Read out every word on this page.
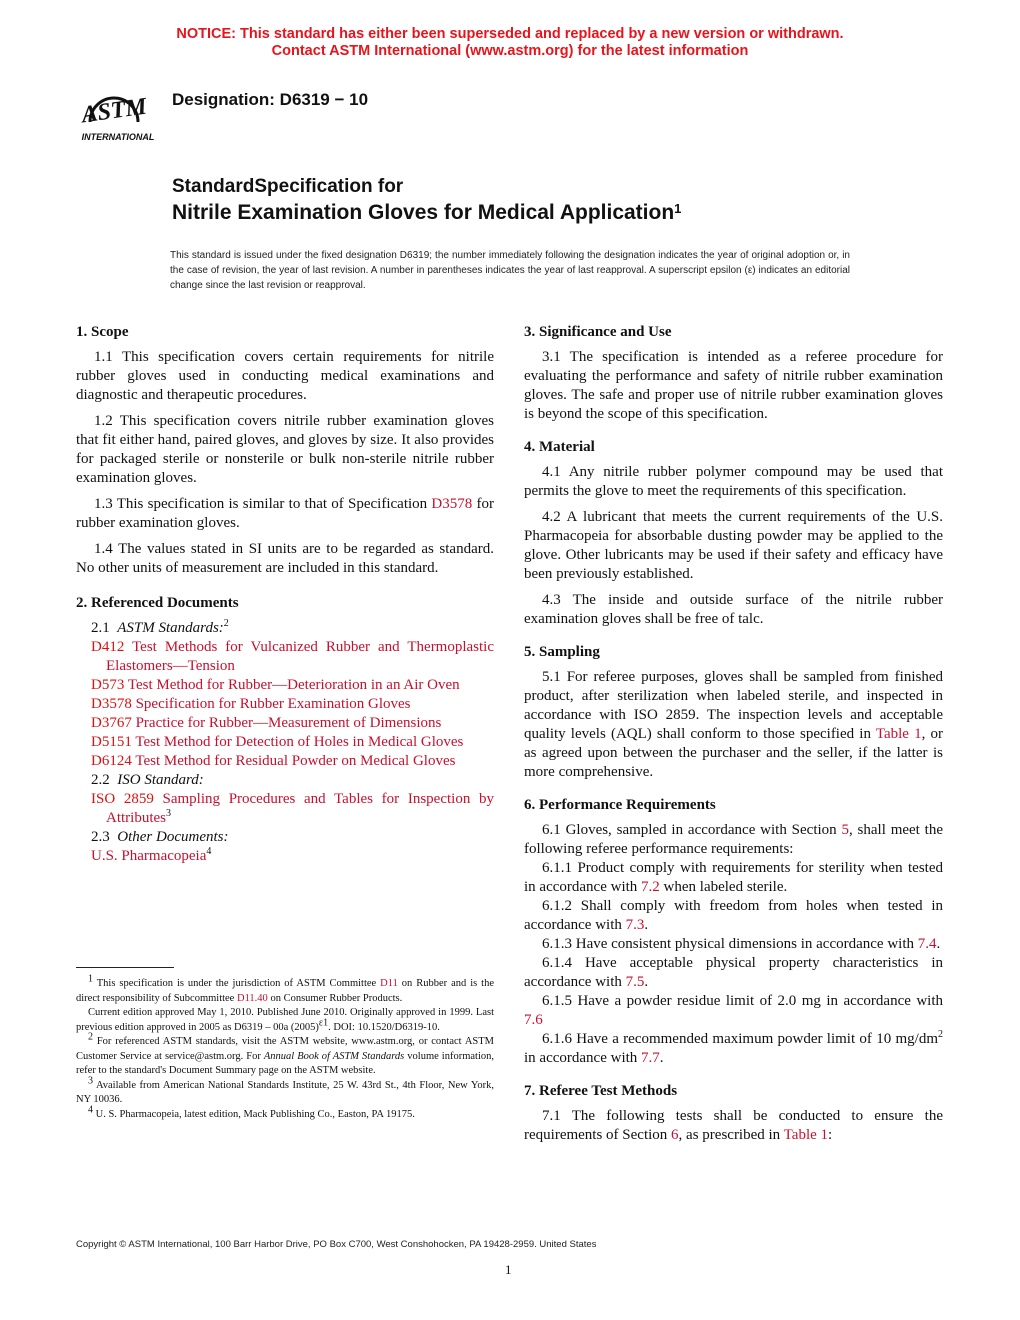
NOTICE: This standard has either been superseded and replaced by a new version or withdrawn.
Contact ASTM International (www.astm.org) for the latest information
ASTM
INTERNATIONAL
Designation: D6319 − 10
StandardSpecification for
Nitrile Examination Gloves for Medical Application$^1$
This standard is issued under the fixed designation D6319; the number immediately following the designation indicates the year of original adoption or, in the case of revision, the year of last revision. A number in parentheses indicates the year of last reapproval. A superscript epsilon (ε) indicates an editorial change since the last revision or reapproval.
1. Scope
1.1 This specification covers certain requirements for nitrile rubber gloves used in conducting medical examinations and diagnostic and therapeutic procedures.
1.2 This specification covers nitrile rubber examination gloves that fit either hand, paired gloves, and gloves by size. It also provides for packaged sterile or nonsterile or bulk non-sterile nitrile rubber examination gloves.
1.3 This specification is similar to that of Specification D3578 for rubber examination gloves.
1.4 The values stated in SI units are to be regarded as standard. No other units of measurement are included in this standard.
2. Referenced Documents
2.1 ASTM Standards:$^2$
D412 Test Methods for Vulcanized Rubber and Thermoplastic Elastomers—Tension
D573 Test Method for Rubber—Deterioration in an Air Oven
D3578 Specification for Rubber Examination Gloves
D3767 Practice for Rubber—Measurement of Dimensions
D5151 Test Method for Detection of Holes in Medical Gloves
D6124 Test Method for Residual Powder on Medical Gloves
2.2 ISO Standard:
ISO 2859 Sampling Procedures and Tables for Inspection by Attributes$^3$
2.3 Other Documents:
U.S. Pharmacopeia$^4$
3. Significance and Use
3.1 The specification is intended as a referee procedure for evaluating the performance and safety of nitrile rubber examination gloves. The safe and proper use of nitrile rubber examination gloves is beyond the scope of this specification.
4. Material
4.1 Any nitrile rubber polymer compound may be used that permits the glove to meet the requirements of this specification.
4.2 A lubricant that meets the current requirements of the U.S. Pharmacopeia for absorbable dusting powder may be applied to the glove. Other lubricants may be used if their safety and efficacy have been previously established.
4.3 The inside and outside surface of the nitrile rubber examination gloves shall be free of talc.
5. Sampling
5.1 For referee purposes, gloves shall be sampled from finished product, after sterilization when labeled sterile, and inspected in accordance with ISO 2859. The inspection levels and acceptable quality levels (AQL) shall conform to those specified in Table 1, or as agreed upon between the purchaser and the seller, if the latter is more comprehensive.
6. Performance Requirements
6.1 Gloves, sampled in accordance with Section 5, shall meet the following referee performance requirements:
6.1.1 Product comply with requirements for sterility when tested in accordance with 7.2 when labeled sterile.
6.1.2 Shall comply with freedom from holes when tested in accordance with 7.3.
6.1.3 Have consistent physical dimensions in accordance with 7.4.
6.1.4 Have acceptable physical property characteristics in accordance with 7.5.
6.1.5 Have a powder residue limit of 2.0 mg in accordance with 7.6
6.1.6 Have a recommended maximum powder limit of 10 $mg/dm^2$ in accordance with 7.7.
7. Referee Test Methods
7.1 The following tests shall be conducted to ensure the requirements of Section 6, as prescribed in Table 1:
$^1$ This specification is under the jurisdiction of ASTM Committee D11 on Rubber and is the direct responsibility of Subcommittee D11.40 on Consumer Rubber Products.
Current edition approved May 1, 2010. Published June 2010. Originally approved in 1999. Last previous edition approved in 2005 as D6319 – 00a $(2005)^{\varepsilon 1}$. DOI: 10.1520/D6319-10.
$^2$ For referenced ASTM standards, visit the ASTM website, www.astm.org, or contact ASTM Customer Service at service@astm.org. For Annual Book of ASTM Standards volume information, refer to the standard's Document Summary page on the ASTM website.
$^3$ Available from American National Standards Institute, 25 W. 43rd St., 4th Floor, New York, NY 10036.
$^4$ U. S. Pharmacopeia, latest edition, Mack Publishing Co., Easton, PA 19175.
Copyright © ASTM International, 100 Barr Harbor Drive, PO Box C700, West Conshohocken, PA 19428-2959. United States
1
